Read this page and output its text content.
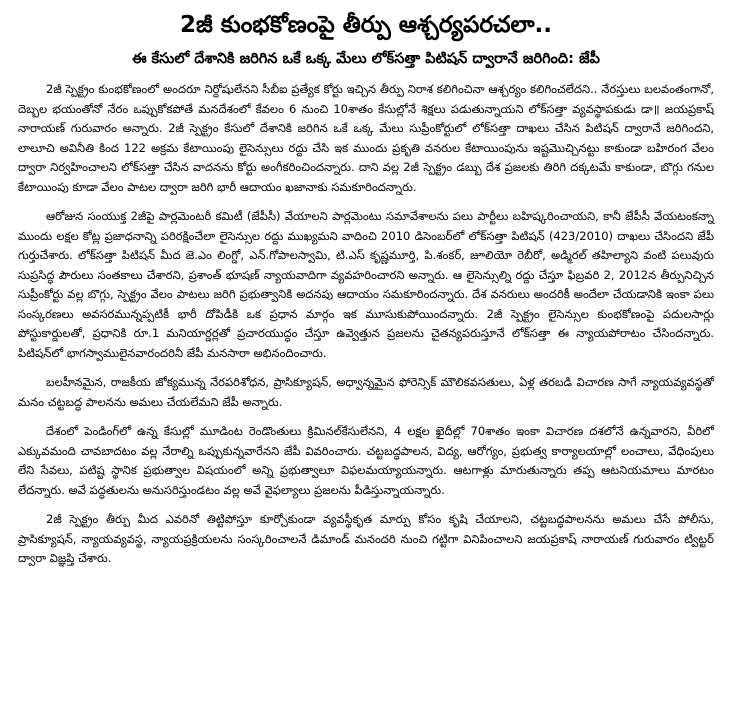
2జీ కుంభకోణంపై తీర్పు ఆశ్చర్యపరచలా..
ఈ కేసులో దేశానికి జరిగిన ఒకే ఒక్క మేలు లోక్‌సత్తా పిటిషన్ ద్వారానే జరిగింది: జేపీ

2జీ స్పెక్ట్రం కుంభకోణంలో అందరూ నిర్దోషులేనని సీబీఐ ప్రత్యేక కోర్టు ఇచ్చిన తీర్పు నిరాశ కలిగించినా ఆశ్చర్యం కలిగించలేదని.. నేరస్తులు బలవంతంగానో, దెబ్బల భయంతోనో నేరం ఒప్పుకోకపోతే మనదేశంలో కేవలం 6 నుంచి 10శాతం కేసుల్లోనే శిక్షలు పడుతున్నాయని లోక్‌సత్తా వ్యవస్థాపకుడు డా॥ జయప్రకాష్ నారాయణ్ గురువారం అన్నారు. 2జీ స్పెక్ట్రం కేసులో దేశానికి జరిగిన ఒకే ఒక్క మేలు సుప్రీంకోర్టులో లోక్‌సత్తా దాఖలు చేసిన పిటిషన్ ద్వారానే జరిగిందని, లాలూచి అవినీతి కింద 122 అక్రమ కేటాయింపు లైసెన్సులు రద్దు చేసి ఇక ముందు ప్రకృతి వనరుల కేటాయింపును ఇష్టమొచ్చినట్టు కాకుండా బహిరంగ వేలం ద్వారా నిర్వహించాలని లోక్‌సత్తా చేసిన వాదనను కోర్టు అంగీకరించిందన్నారు. దాని వల్ల 2జీ స్పెక్ట్రం డబ్బు దేశ ప్రజలకు తిరిగి దక్కటమే కాకుండా, బొగ్గు గనుల కేటాయింపు కూడా వేలం పాటల ద్వారా జరిగి భారీ ఆదాయం ఖజానాకు సమకూరిందన్నారు.

ఆరోజున సంయుక్త 2జీపై పార్లమెంటరీ కమిటీ (జేపీసీ) వేయాలని పార్లమెంటు సమావేశాలను పలు పార్టీలు బహిష్కరించాయని, కానీ జేపీసీ వేయటంకన్నా ముందు లక్షల కోట్ల ప్రజాధనాన్ని పరిరక్షించేలా లైసెన్సుల రద్దు ముఖ్యమని వాదించి 2010 డిసెంబర్‌లో లోక్‌సత్తా పిటిషన్ (423/2010) దాఖలు చేసిందని జేపీ గుర్తుచేశారు. లోక్‌సత్తా పిటిషన్ మీద జె.ఎం లింగ్డో, ఎన్.గోపాలస్వామి, టి.ఎస్ కృష్ణమూర్తి, పి.శంకర్, జూలియో రెబీరో, అడ్మిరల్ తహిల్యాని వంటి పలువురు సుప్రసిద్ధ పౌరులు సంతకాలు చేశారని, ప్రశాంత్ భూషణ్ న్యాయవాదిగా వ్యవహరించారని అన్నారు. ఆ లైసెన్సుల్ని రద్దు చేస్తూ ఫిబ్రవరి 2, 2012న తీర్పునిచ్చిన సుప్రీంకోర్టు వల్ల బొగ్గు, స్పెక్ట్రం వేలం పాటలు జరిగి ప్రభుత్వానికి అదనపు ఆదాయం సమకూరిందన్నారు. దేశ వనరులు అందరికీ అందేలా చేయడానికి ఇంకా పలు సంస్కరణలు అవసరమున్నప్పటికీ భారీ దోపిడీకి ఒక ప్రధాన మార్గం ఇక మూసుకుపోయిందన్నారు. 2జీ స్పెక్ట్రం లైసెన్సుల కుంభకోణంపై పదులసార్లు పోస్టుకార్డులతో, ప్రధానికి రూ.1 మనియార్డర్లతో ప్రచారయుద్ధం చేస్తూ ఉవ్వెత్తున ప్రజలను చైతన్యపరుస్తూనే లోక్‌సత్తా ఈ న్యాయపోరాటం చేసిందన్నారు. పిటిషన్‌లో భాగస్వాములైనవారందరినీ జేపీ మనసారా అభినందించారు.

బలహీనమైన, రాజకీయ జోక్యమున్న నేరపరిశోధన, ప్రాసిక్యూషన్, అధ్వాన్నమైన ఫోరెన్సిక్ మౌలికవసతులు, ఏళ్ల తరబడి విచారణ సాగే న్యాయవ్యవస్థతో మనం చట్టబద్ధ పాలనను అమలు చేయలేమని జేపీ అన్నారు.

దేశంలో పెండింగ్‌లో ఉన్న కేసుల్లో మూడింట రెండొంతులు క్రిమినల్‌కేసులేనని, 4 లక్షల ఖైదీల్లో 70శాతం ఇంకా విచారణ దశలోనే ఉన్నవారని, వీరిలో ఎక్కువమంది చావబాదటం వల్ల నేరాల్ని ఒప్పుకున్నవారేనని జేపీ వివరించారు. చట్టబద్ధపాలన, విద్య, ఆరోగ్యం, ప్రభుత్వ కార్యాలయాల్లో లంచాలు, వేధింపులు లేని సేవలు, పటిష్ట స్థానిక ప్రభుత్వాల విషయంలో అన్ని ప్రభుత్వాలూ విఫలమయ్యాయన్నారు. ఆటగాళ్లు మారుతున్నారు తప్ప ఆటనియమాలు మారటం లేదన్నారు. అవే పద్ధతులను అనుసరిస్తుండటం వల్ల అవే వైఫల్యాలు ప్రజలను పీడిస్తున్నాయన్నారు.

2జీ స్పెక్ట్రం తీర్పు మీద ఎవరినో తిట్టిపోస్తూ కూర్చోకుండా వ్యవస్థీకృత మార్పు కోసం కృషి చేయాలని, చట్టబద్ధపాలనను అమలు చేసే పోలీసు, ప్రాసిక్యూషన్, న్యాయవ్యవస్థ, న్యాయప్రక్రియలను సంస్కరించాలనే డిమాండ్ మనందరి నుంచి గట్టిగా వినిపించాలని జయప్రకాష్ నారాయణ్ గురువారం ట్విట్టర్ ద్వారా విజ్ఞప్తి చేశారు.
